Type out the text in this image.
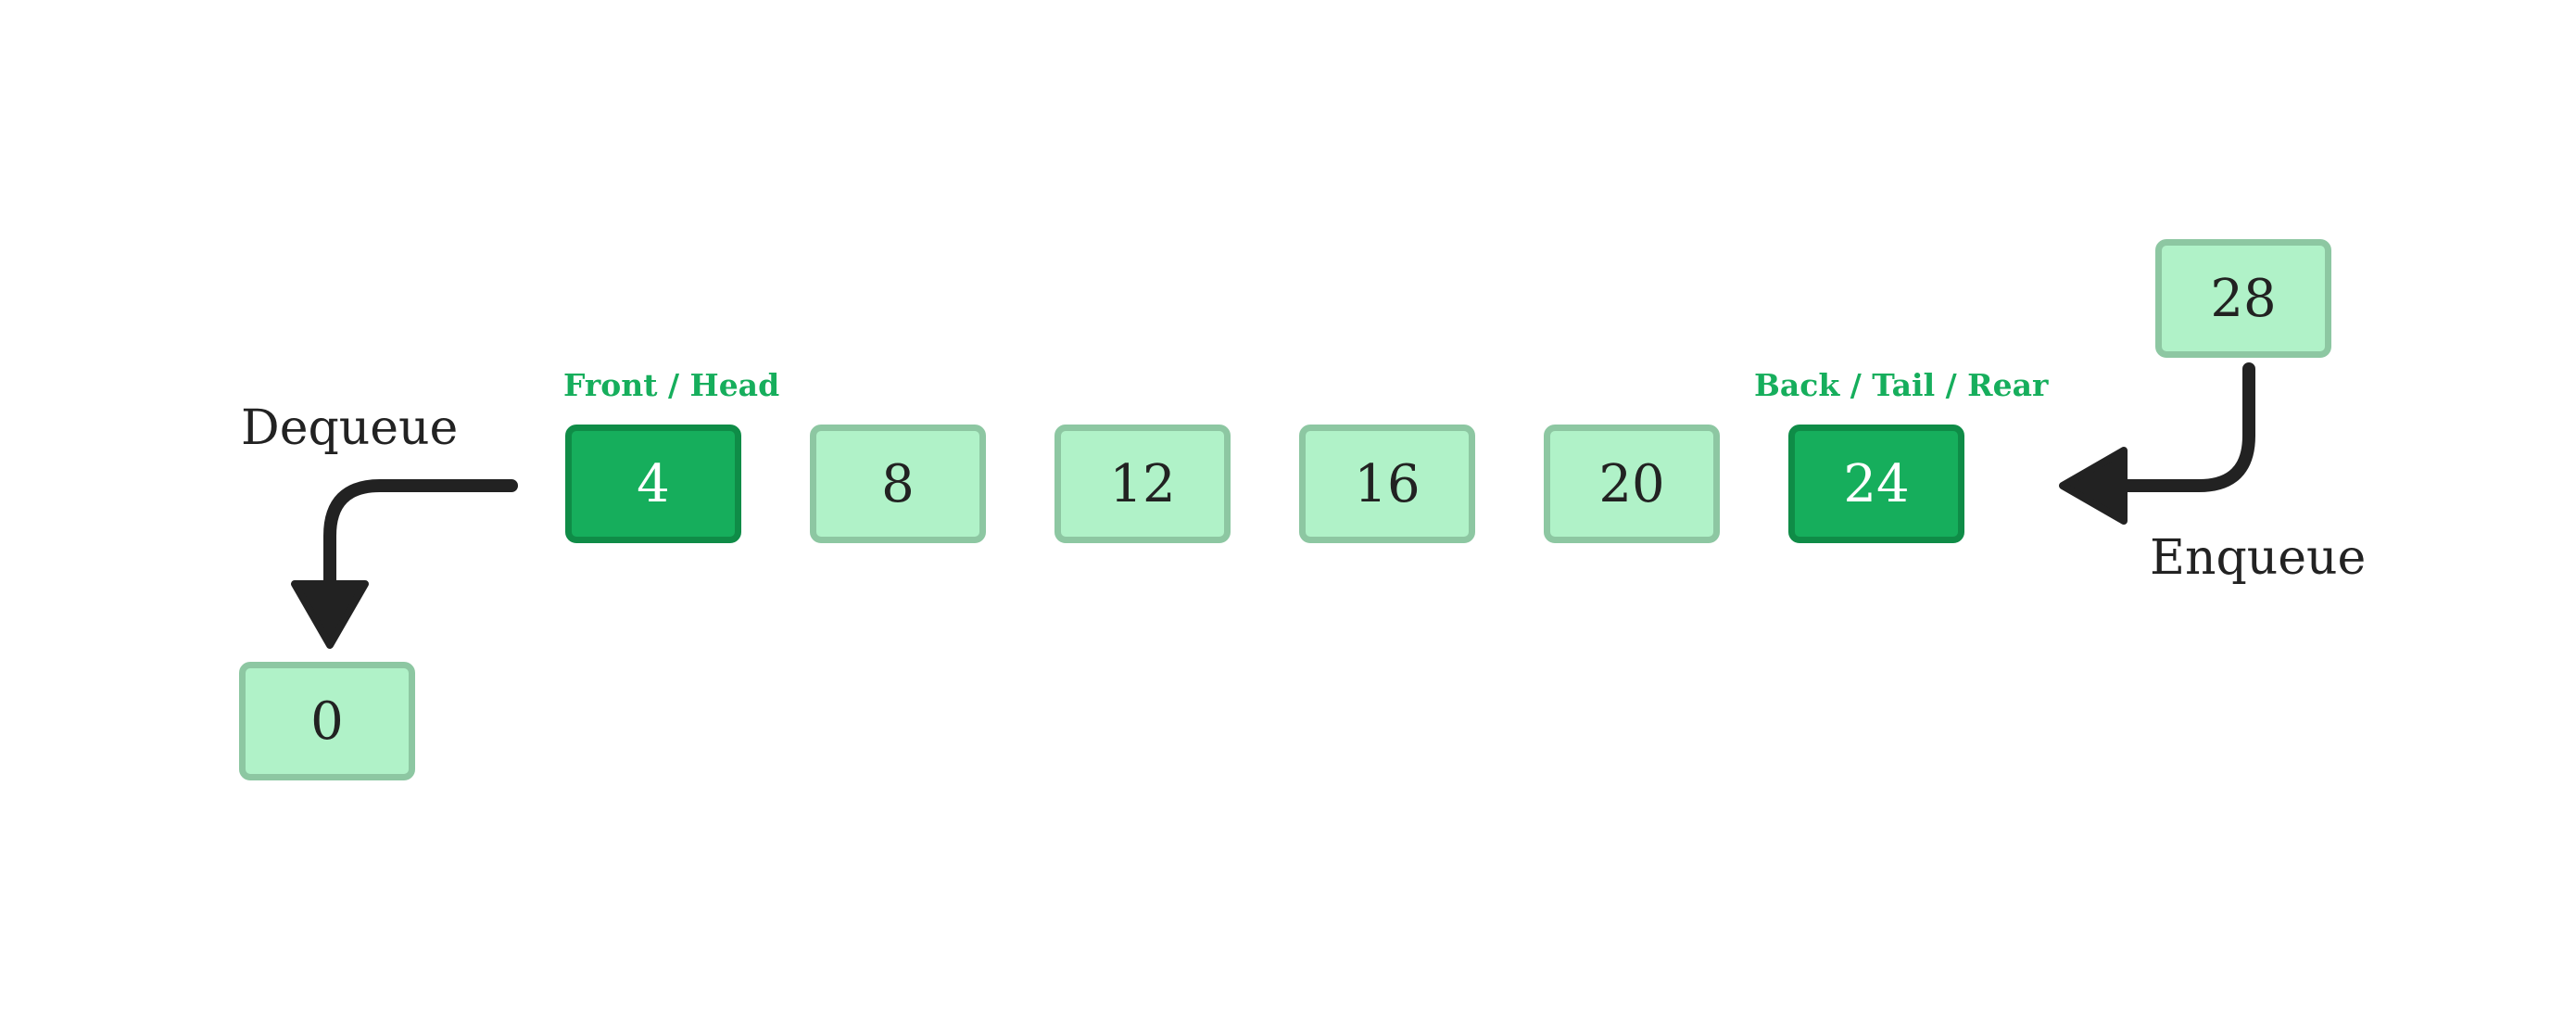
Front / Head	Back / Tail / Rear
4	8	12	16	20	24
Dequeue
0
28
Enqueue
